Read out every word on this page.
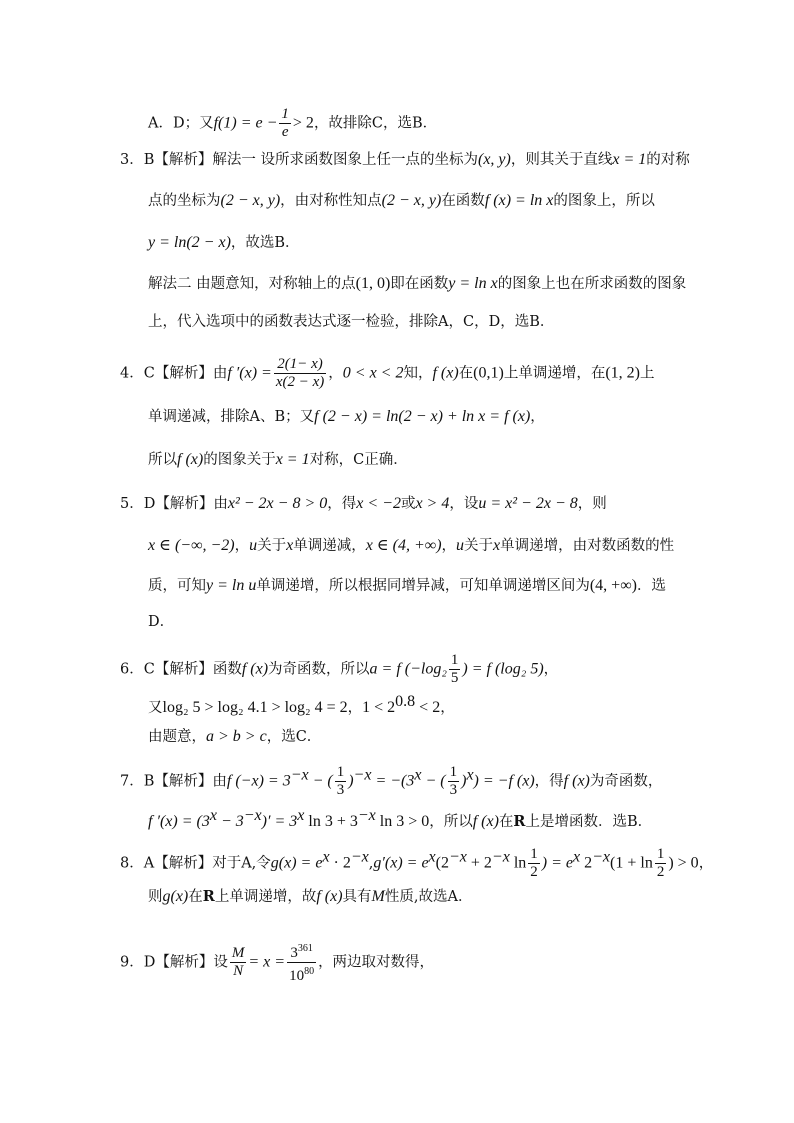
A．D；又$f(1) = e - \frac{1}{e} > 2$，故排除C，选B．
3．B【解析】解法一 设所求函数图象上任一点的坐标为(x, y)，则其关于直线x = 1的对称
点的坐标为(2 − x, y)，由对称性知点(2 − x, y)在函数f (x) = ln x的图象上，所以
y = ln(2 − x)，故选B．
解法二 由题意知，对称轴上的点(1, 0)即在函数y = ln x的图象上也在所求函数的图象
上，代入选项中的函数表达式逐一检验，排除A，C，D，选B．
4．C【解析】由f $'(x) = \frac{2(1- x)}{x(2 - x)}$ ，0 < x < 2知，f (x)在(0,1)上单调递增，在(1, 2)上
单调递减，排除A、B；又f (2 − x) = ln(2 − x) + ln x = f (x)，
所以f (x)的图象关于x = 1对称，C正确．
5．D【解析】由x² − 2x − 8 > 0，得x < −2或x > 4，设u = x² − 2x − 8，则
x ∈ (−∞, −2)，u关于x单调递减，x ∈ (4, +∞)，u关于x单调递增，由对数函数的性
质，可知y = ln u单调递增，所以根据同增异减，可知单调递增区间为(4, +∞)．选
D．
6．C【解析】函数f (x)为奇函数，所以a = f ($-\log_2 \frac{1}{5}$ ) = f (log₂ 5)，
又log₂ 5 > log₂ 4.1 > log₂ 4 = 2，$1 < 2^{0.8} < 2$，
由题意，a > b > c，选C．
7．B【解析】由f $(-x) = 3^{-x}$ − ( $\frac{1}{3} )^{-x} = -(3^x$ − ( $\frac{1}{3} )^x) = -f$ (x)，得f (x)为奇函数，
f $'(x) = (3^x - 3^{-x})' = 3^x$ $\ln 3 + 3^{-x}$ ln 3 > 0，所以f (x)在R上是增函数．选B．
8．A【解析】对于A,令$g(x) = e^x \cdot 2^{-x},g'(x) = e^x(2^{-x} + 2^{-x}$ $\ln \frac{1}{2}$ ) = $e^x$ $2^{-x}(1 + \ln \frac{1}{2}$ ) > 0，
则g(x)在R上单调递增，故f (x)具有M性质,故选A．
9．D【解析】设 $\frac{M}{N} = x = \frac{3^{361}}{10^{80}}$ ，两边取对数得，
